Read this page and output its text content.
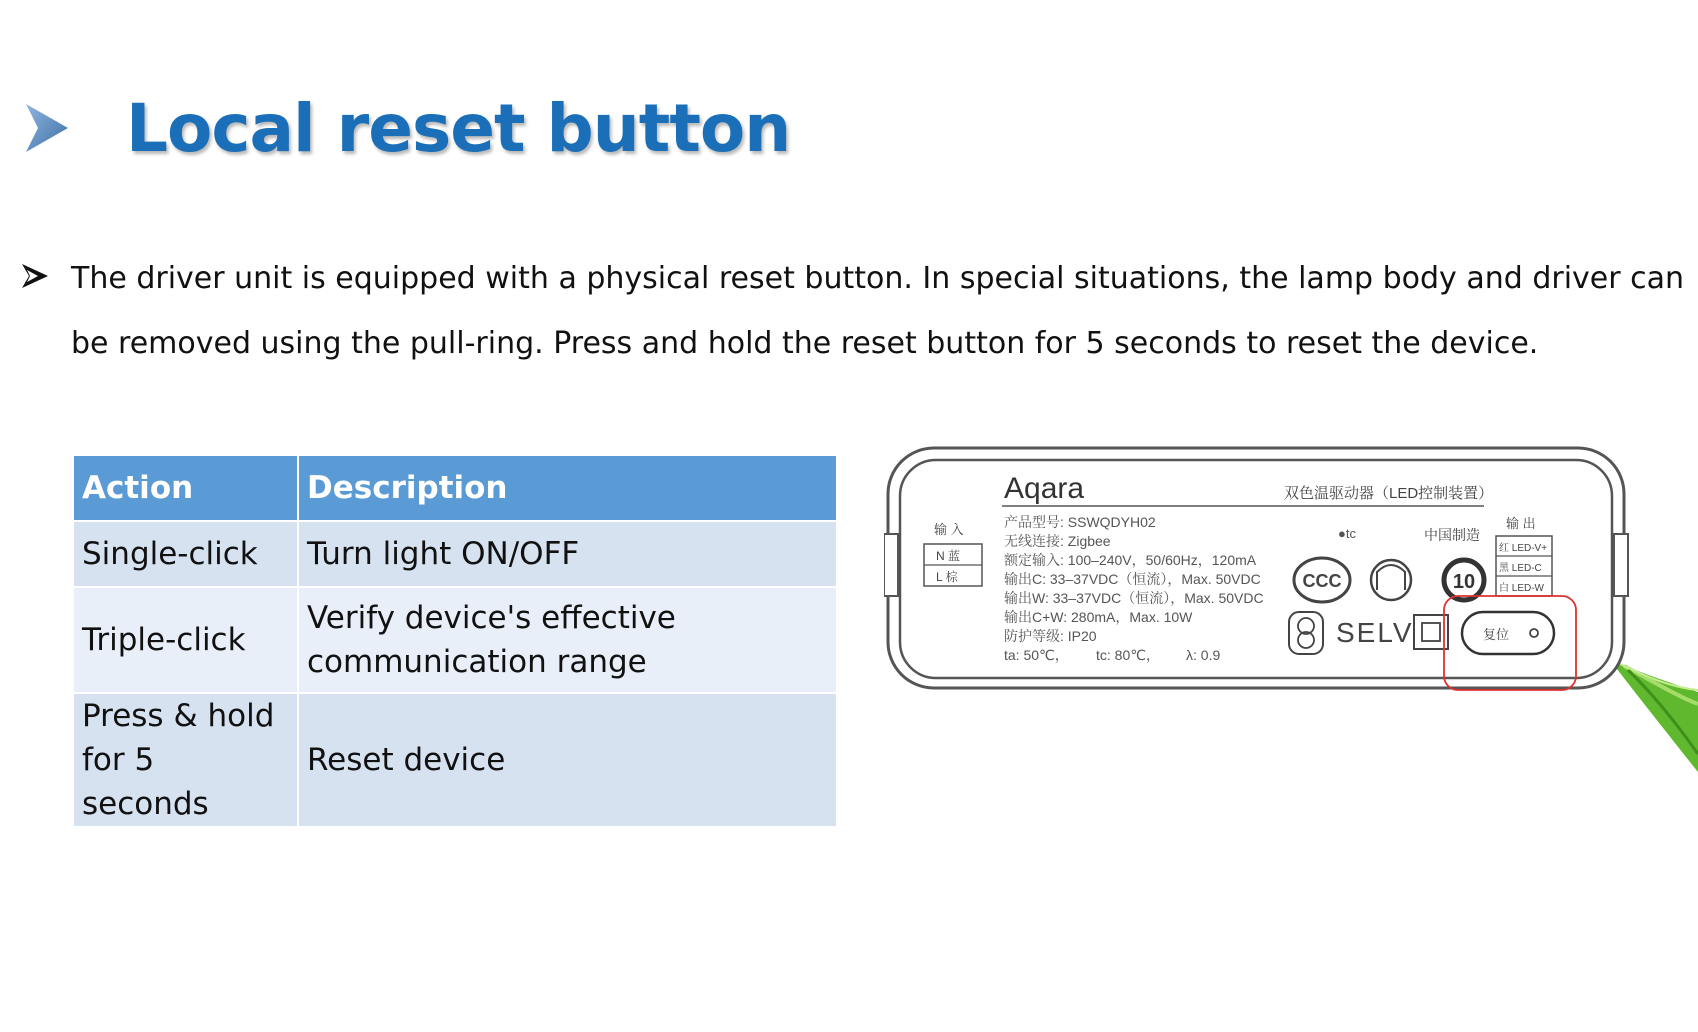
Local reset button
The driver unit is equipped with a physical reset button. In special situations, the lamp body and driver can be removed using the pull-ring. Press and hold the reset button for 5 seconds to reset the device.
Action	Description
Single-click	Turn light ON/OFF
Triple-click	Verify device's effective communication range
Press & hold for 5 seconds	Reset device
Aqara	双色温驱动器（LED控制装置）
输 入
N 蓝
L 棕
产品型号: SSWQDYH02
无线连接: Zigbee
额定输入: 100–240V，50/60Hz，120mA
输出C: 33–37VDC（恒流），Max. 50VDC
输出W: 33–37VDC（恒流），Max. 50VDC
输出C+W: 280mA，Max. 10W
防护等级: IP20
ta: 50℃， tc: 80℃， λ: 0.9
●tc	中国制造
CCC	10
SELV
输 出
红 LED-V+
黑 LED-C
白 LED-W
复位
